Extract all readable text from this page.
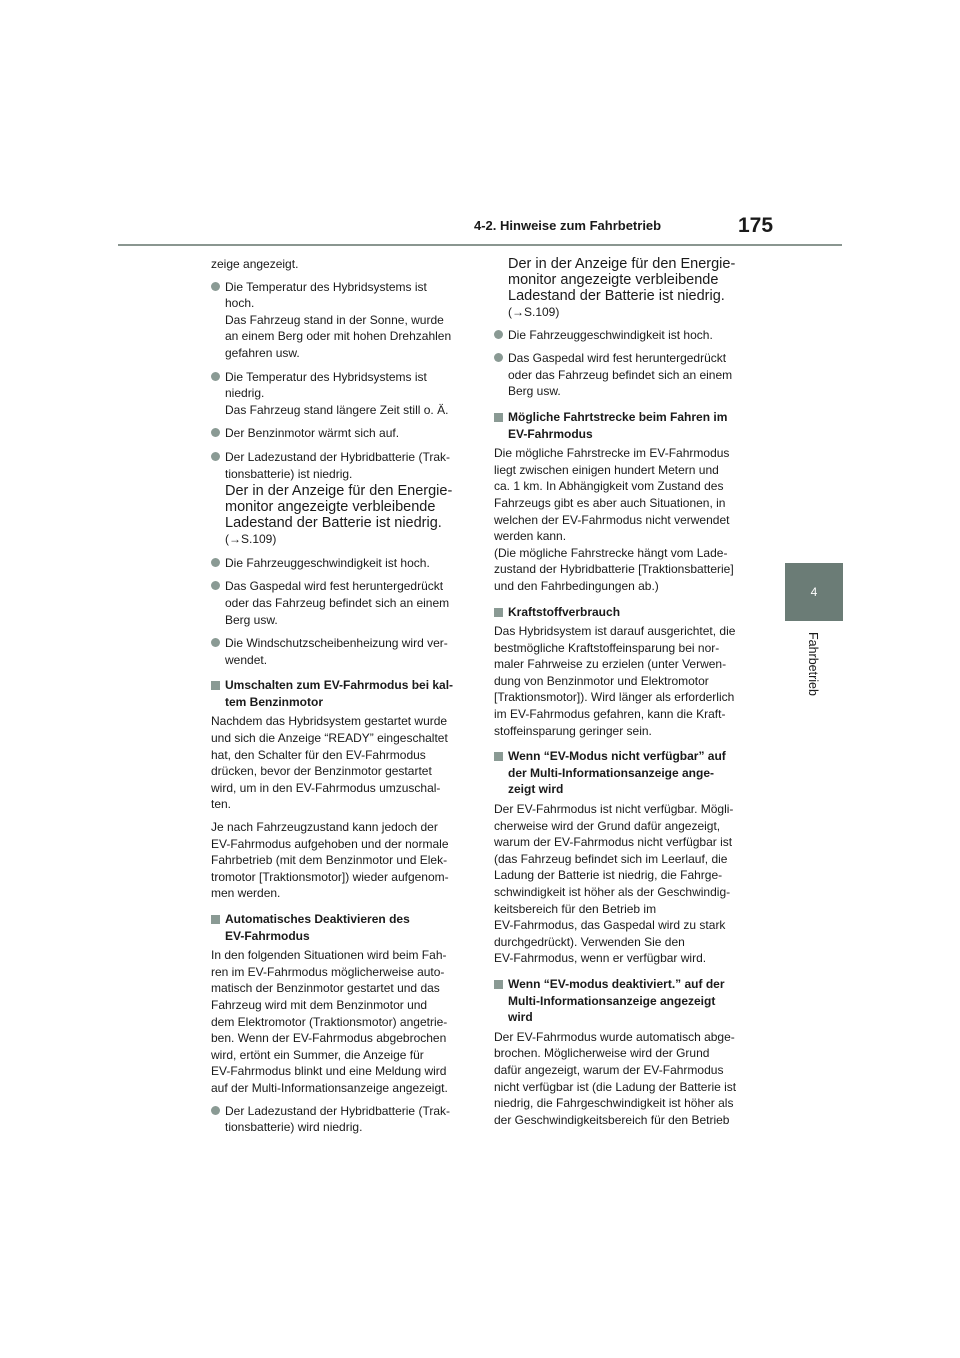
4-2. Hinweise zum Fahrbetrieb	175
4
Fahrbetrieb
zeige angezeigt.
Die Temperatur des Hybridsystems ist
hoch.
Das Fahrzeug stand in der Sonne, wurde
an einem Berg oder mit hohen Drehzahlen
gefahren usw.
Die Temperatur des Hybridsystems ist
niedrig.
Das Fahrzeug stand längere Zeit still o. Ä.
Der Benzinmotor wärmt sich auf.
Der Ladezustand der Hybridbatterie (Trak-
tionsbatterie) ist niedrig.
Der in der Anzeige für den Energie-
monitor angezeigte verbleibende
Ladestand der Batterie ist niedrig.
(→S.109)
Die Fahrzeuggeschwindigkeit ist hoch.
Das Gaspedal wird fest heruntergedrückt
oder das Fahrzeug befindet sich an einem
Berg usw.
Die Windschutzscheibenheizung wird ver-
wendet.
Umschalten zum EV-Fahrmodus bei kal-
tem Benzinmotor
Nachdem das Hybridsystem gestartet wurde
und sich die Anzeige “READY” eingeschaltet
hat, den Schalter für den EV-Fahrmodus
drücken, bevor der Benzinmotor gestartet
wird, um in den EV-Fahrmodus umzuschal-
ten.
Je nach Fahrzeugzustand kann jedoch der
EV-Fahrmodus aufgehoben und der normale
Fahrbetrieb (mit dem Benzinmotor und Elek-
tromotor [Traktionsmotor]) wieder aufgenom-
men werden.
Automatisches Deaktivieren des
EV-Fahrmodus
In den folgenden Situationen wird beim Fah-
ren im EV-Fahrmodus möglicherweise auto-
matisch der Benzinmotor gestartet und das
Fahrzeug wird mit dem Benzinmotor und
dem Elektromotor (Traktionsmotor) angetrie-
ben. Wenn der EV-Fahrmodus abgebrochen
wird, ertönt ein Summer, die Anzeige für
EV-Fahrmodus blinkt und eine Meldung wird
auf der Multi-Informationsanzeige angezeigt.
Der Ladezustand der Hybridbatterie (Trak-
tionsbatterie) wird niedrig.
Der in der Anzeige für den Energie-
monitor angezeigte verbleibende
Ladestand der Batterie ist niedrig.
(→S.109)
Die Fahrzeuggeschwindigkeit ist hoch.
Das Gaspedal wird fest heruntergedrückt
oder das Fahrzeug befindet sich an einem
Berg usw.
Mögliche Fahrtstrecke beim Fahren im
EV-Fahrmodus
Die mögliche Fahrstrecke im EV-Fahrmodus
liegt zwischen einigen hundert Metern und
ca. 1 km. In Abhängigkeit vom Zustand des
Fahrzeugs gibt es aber auch Situationen, in
welchen der EV-Fahrmodus nicht verwendet
werden kann.
(Die mögliche Fahrstrecke hängt vom Lade-
zustand der Hybridbatterie [Traktionsbatterie]
und den Fahrbedingungen ab.)
Kraftstoffverbrauch
Das Hybridsystem ist darauf ausgerichtet, die
bestmögliche Kraftstoffeinsparung bei nor-
maler Fahrweise zu erzielen (unter Verwen-
dung von Benzinmotor und Elektromotor
[Traktionsmotor]). Wird länger als erforderlich
im EV-Fahrmodus gefahren, kann die Kraft-
stoffeinsparung geringer sein.
Wenn “EV-Modus nicht verfügbar” auf
der Multi-Informationsanzeige ange-
zeigt wird
Der EV-Fahrmodus ist nicht verfügbar. Mögli-
cherweise wird der Grund dafür angezeigt,
warum der EV-Fahrmodus nicht verfügbar ist
(das Fahrzeug befindet sich im Leerlauf, die
Ladung der Batterie ist niedrig, die Fahrge-
schwindigkeit ist höher als der Geschwindig-
keitsbereich für den Betrieb im
EV-Fahrmodus, das Gaspedal wird zu stark
durchgedrückt). Verwenden Sie den
EV-Fahrmodus, wenn er verfügbar wird.
Wenn “EV-modus deaktiviert.” auf der
Multi-Informationsanzeige angezeigt
wird
Der EV-Fahrmodus wurde automatisch abge-
brochen. Möglicherweise wird der Grund
dafür angezeigt, warum der EV-Fahrmodus
nicht verfügbar ist (die Ladung der Batterie ist
niedrig, die Fahrgeschwindigkeit ist höher als
der Geschwindigkeitsbereich für den Betrieb
